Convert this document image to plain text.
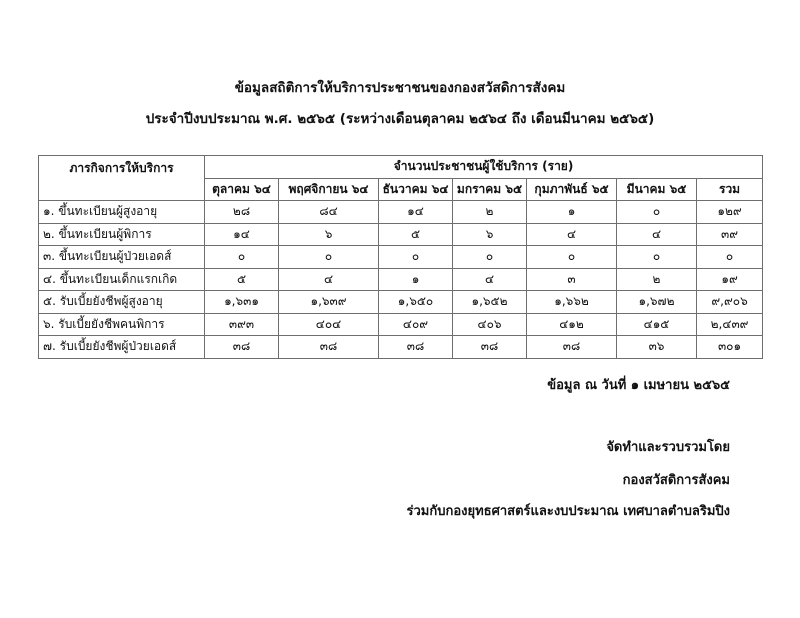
ข้อมูลสถิติการให้บริการประชาชนของกองสวัสดิการสังคม
ประจำปีงบประมาณ พ.ศ. ๒๕๖๕ (ระหว่างเดือนตุลาคม ๒๕๖๔ ถึง เดือนมีนาคม ๒๕๖๕)
ภารกิจการให้บริการ	จำนวนประชาชนผู้ใช้บริการ (ราย)						
	ตุลาคม ๖๔	พฤศจิกายน ๖๔	ธันวาคม ๖๔	มกราคม ๖๕	กุมภาพันธ์ ๖๕	มีนาคม ๖๕	รวม
๑. ขึ้นทะเบียนผู้สูงอายุ	๒๘	๘๔	๑๔	๒	๑	๐	๑๒๙
๒. ขึ้นทะเบียนผู้พิการ	๑๔	๖	๕	๖	๔	๔	๓๙
๓. ขึ้นทะเบียนผู้ป่วยเอดส์	๐	๐	๐	๐	๐	๐	๐
๔. ขึ้นทะเบียนเด็กแรกเกิด	๕	๔	๑	๔	๓	๒	๑๙
๕. รับเบี้ยยังชีพผู้สูงอายุ	๑,๖๓๑	๑,๖๓๙	๑,๖๕๐	๑,๖๕๒	๑,๖๖๒	๑,๖๗๒	๙,๙๐๖
๖. รับเบี้ยยังชีพคนพิการ	๓๙๓	๔๐๔	๔๐๙	๔๐๖	๔๑๒	๔๑๕	๒,๔๓๙
๗. รับเบี้ยยังชีพผู้ป่วยเอดส์	๓๘	๓๘	๓๘	๓๘	๓๘	๓๖	๓๐๑
ข้อมูล ณ วันที่ ๑ เมษายน ๒๕๖๕
จัดทำและรวบรวมโดย
กองสวัสดิการสังคม
ร่วมกับกองยุทธศาสตร์และงบประมาณ เทศบาลตำบลริมปิง
